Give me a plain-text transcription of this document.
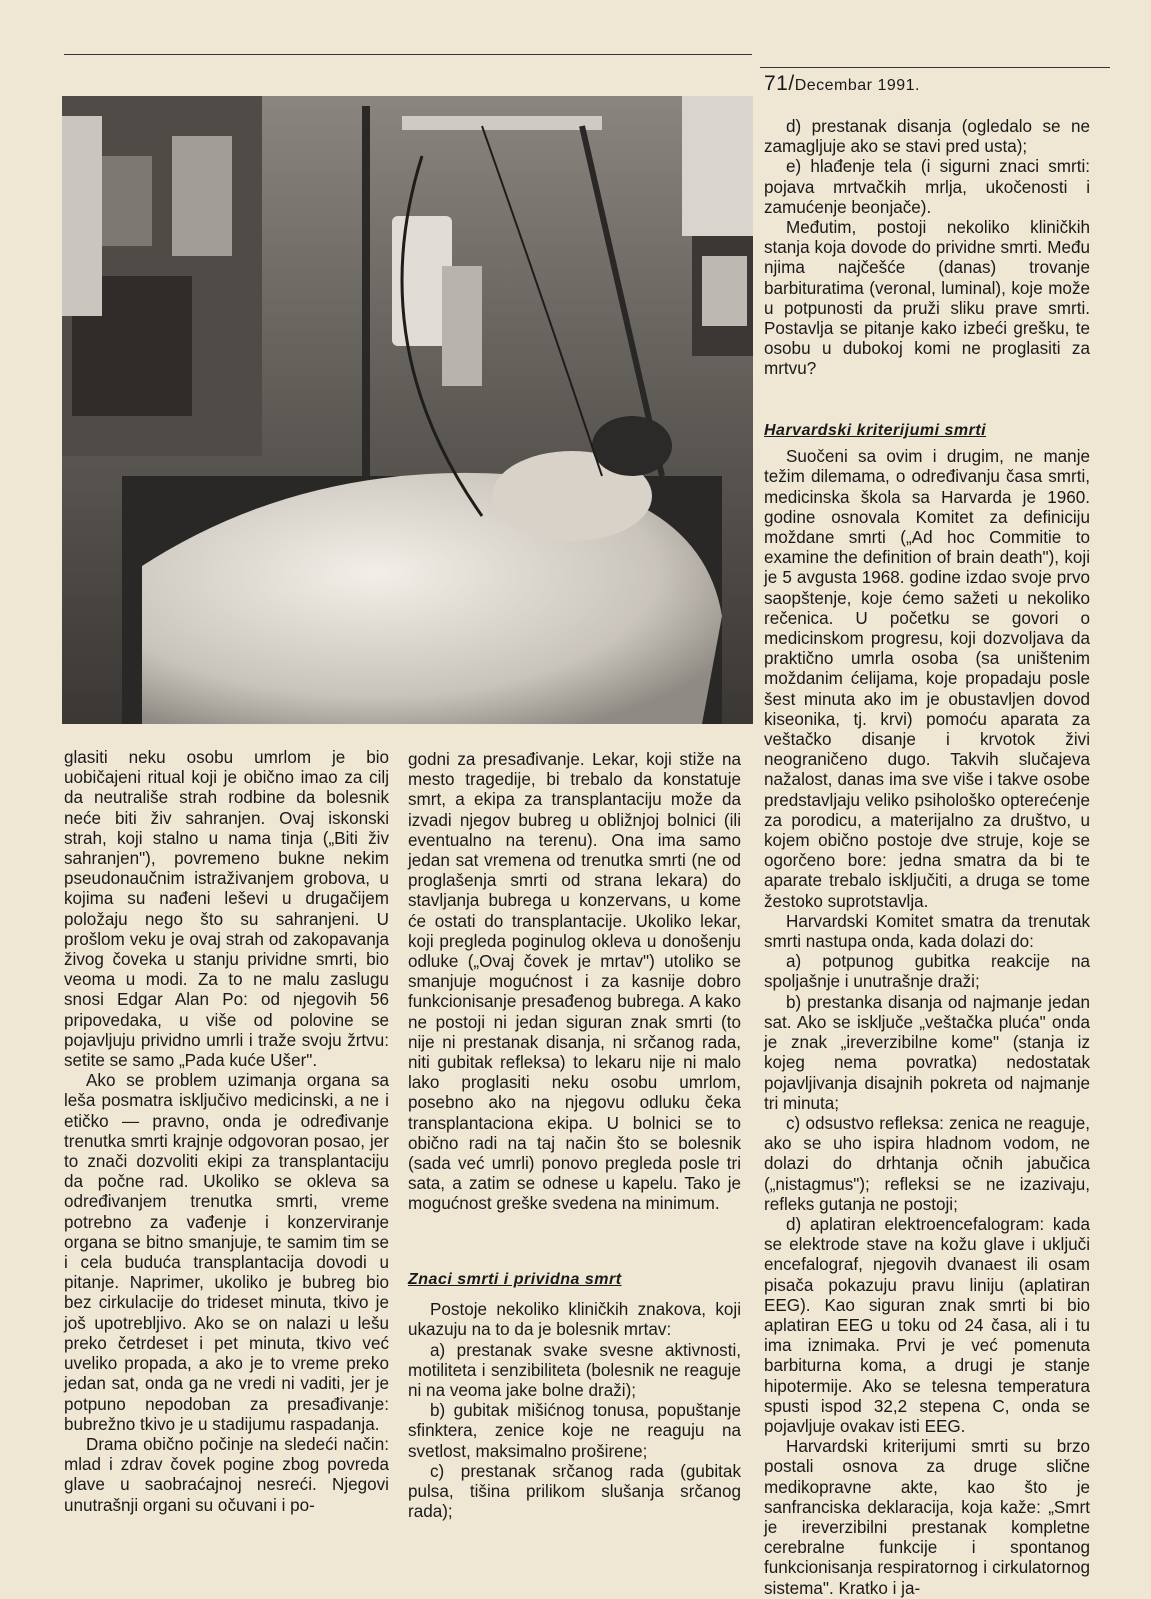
71/Decembar 1991.

glasiti neku osobu umrlom je bio uobičajeni ritual koji je obično imao za cilj da neutrališe strah rodbine da bolesnik neće biti živ sahranjen. Ovaj iskonski strah, koji stalno u nama tinja („Biti živ sahranjen"), povremeno bukne nekim pseudonaučnim istraživanjem grobova, u kojima su nađeni leševi u drugačijem položaju nego što su sahranjeni. U prošlom veku je ovaj strah od zakopavanja živog čoveka u stanju prividne smrti, bio veoma u modi. Za to ne malu zaslugu snosi Edgar Alan Po: od njegovih 56 pripovedaka, u više od polovine se pojavljuju prividno umrli i traže svoju žrtvu: setite se samo „Pada kuće Ušer".

Ako se problem uzimanja organa sa leša posmatra isključivo medicinski, a ne i etičko — pravno, onda je određivanje trenutka smrti krajnje odgovoran posao, jer to znači dozvoliti ekipi za transplantaciju da počne rad. Ukoliko se okleva sa određivanjem trenutka smrti, vreme potrebno za vađenje i konzerviranje organa se bitno smanjuje, te samim tim se i cela buduća transplantacija dovodi u pitanje. Naprimer, ukoliko je bubreg bio bez cirkulacije do trideset minuta, tkivo je još upotrebljivo. Ako se on nalazi u lešu preko četrdeset i pet minuta, tkivo već uveliko propada, a ako je to vreme preko jedan sat, onda ga ne vredi ni vaditi, jer je potpuno nepodoban za presađivanje: bubrežno tkivo je u stadijumu raspadanja.

Drama obično počinje na sledeći način: mlad i zdrav čovek pogine zbog povreda glave u saobraćajnoj nesreći. Njegovi unutrašnji organi su očuvani i po-

godni za presađivanje. Lekar, koji stiže na mesto tragedije, bi trebalo da konstatuje smrt, a ekipa za transplantaciju može da izvadi njegov bubreg u obližnjoj bolnici (ili eventualno na terenu). Ona ima samo jedan sat vremena od trenutka smrti (ne od proglašenja smrti od strana lekara) do stavljanja bubrega u konzervans, u kome će ostati do transplantacije. Ukoliko lekar, koji pregleda poginulog okleva u donošenju odluke („Ovaj čovek je mrtav") utoliko se smanjuje mogućnost i za kasnije dobro funkcionisanje presađenog bubrega. A kako ne postoji ni jedan siguran znak smrti (to nije ni prestanak disanja, ni srčanog rada, niti gubitak refleksa) to lekaru nije ni malo lako proglasiti neku osobu umrlom, posebno ako na njegovu odluku čeka transplantaciona ekipa. U bolnici se to obično radi na taj način što se bolesnik (sada već umrli) ponovo pregleda posle tri sata, a zatim se odnese u kapelu. Tako je mogućnost greške svedena na minimum.

Znaci smrti i prividna smrt

Postoje nekoliko kliničkih znakova, koji ukazuju na to da je bolesnik mrtav:

a) prestanak svake svesne aktivnosti, motiliteta i senzibiliteta (bolesnik ne reaguje ni na veoma jake bolne draži);

b) gubitak mišićnog tonusa, popuštanje sfinktera, zenice koje ne reaguju na svetlost, maksimalno proširene;

c) prestanak srčanog rada (gubitak pulsa, tišina prilikom slušanja srčanog rada);

d) prestanak disanja (ogledalo se ne zamagljuje ako se stavi pred usta);

e) hlađenje tela (i sigurni znaci smrti: pojava mrtvačkih mrlja, ukočenosti i zamućenje beonjače).

Međutim, postoji nekoliko kliničkih stanja koja dovode do prividne smrti. Među njima najčešće (danas) trovanje barbituratima (veronal, luminal), koje može u potpunosti da pruži sliku prave smrti. Postavlja se pitanje kako izbeći grešku, te osobu u dubokoj komi ne proglasiti za mrtvu?

Harvardski kriterijumi smrti

Suočeni sa ovim i drugim, ne manje težim dilemama, o određivanju časa smrti, medicinska škola sa Harvarda je 1960. godine osnovala Komitet za definiciju moždane smrti („Ad hoc Commitie to examine the definition of brain death"), koji je 5 avgusta 1968. godine izdao svoje prvo saopštenje, koje ćemo sažeti u nekoliko rečenica. U početku se govori o medicinskom progresu, koji dozvoljava da praktično umrla osoba (sa uništenim moždanim ćelijama, koje propadaju posle šest minuta ako im je obustavljen dovod kiseonika, tj. krvi) pomoću aparata za veštačko disanje i krvotok živi neograničeno dugo. Takvih slučajeva nažalost, danas ima sve više i takve osobe predstavljaju veliko psihološko opterećenje za porodicu, a materijalno za društvo, u kojem obično postoje dve struje, koje se ogorčeno bore: jedna smatra da bi te aparate trebalo isključiti, a druga se tome žestoko suprotstavlja.

Harvardski Komitet smatra da trenutak smrti nastupa onda, kada dolazi do:

a) potpunog gubitka reakcije na spoljašnje i unutrašnje draži;

b) prestanka disanja od najmanje jedan sat. Ako se isključe „veštačka pluća" onda je znak „ireverzibilne kome" (stanja iz kojeg nema povratka) nedostatak pojavljivanja disajnih pokreta od najmanje tri minuta;

c) odsustvo refleksa: zenica ne reaguje, ako se uho ispira hladnom vodom, ne dolazi do drhtanja očnih jabučica („nistagmus"); refleksi se ne izazivaju, refleks gutanja ne postoji;

d) aplatiran elektroencefalogram: kada se elektrode stave na kožu glave i uključi encefalograf, njegovih dvanaest ili osam pisača pokazuju pravu liniju (aplatiran EEG). Kao siguran znak smrti bi bio aplatiran EEG u toku od 24 časa, ali i tu ima iznimaka. Prvi je već pomenuta barbiturna koma, a drugi je stanje hipotermije. Ako se telesna temperatura spusti ispod 32,2 stepena C, onda se pojavljuje ovakav isti EEG.

Harvardski kriterijumi smrti su brzo postali osnova za druge slične medikopravne akte, kao što je sanfranciska deklaracija, koja kaže: „Smrt je ireverzibilni prestanak kompletne cerebralne funkcije i spontanog funkcionisanja respiratornog i cirkulatornog sistema". Kratko i ja-
